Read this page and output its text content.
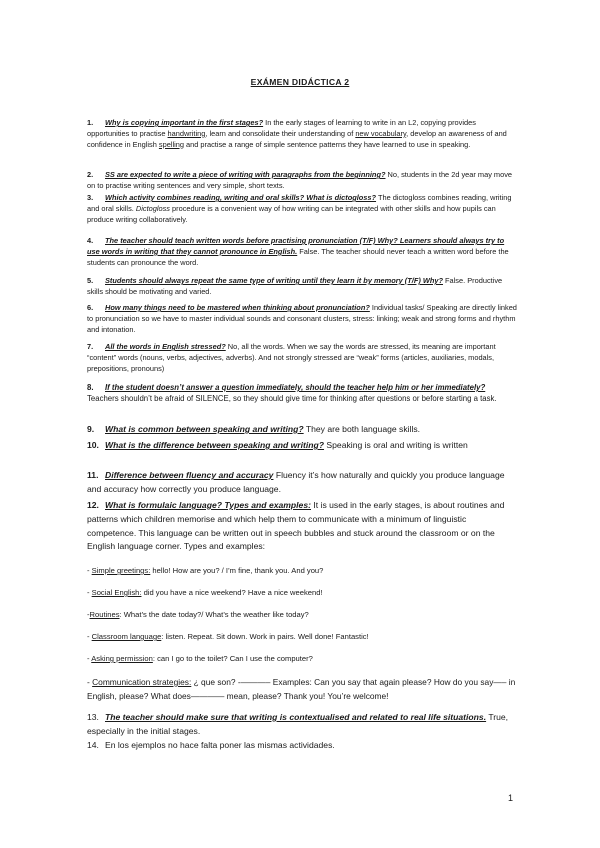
EXÁMEN DIDÁCTICA 2
1. Why is copying important in the first stages? In the early stages of learning to write in an L2, copying provides opportunities to practise handwriting, learn and consolidate their understanding of new vocabulary, develop an awareness of and confidence in English spelling and practise a range of simple sentence patterns they have learned to use in speaking.
2. SS are expected to write a piece of writing with paragraphs from the beginning? No, students in the 2d year may move on to practise writing sentences and very simple, short texts.
3. Which activity combines reading, writing and oral skills? What is dictogloss? The dictogloss combines reading, writing and oral skills. Dictogloss procedure is a convenient way of how writing can be integrated with other skills and how pupils can produce writing collaboratively.
4. The teacher should teach written words before practising pronunciation (T/F) Why? Learners should always try to use words in writing that they cannot pronounce in English. False. The teacher should never teach a written word before the students can pronounce the word.
5. Students should always repeat the same type of writing until they learn it by memory (T/F) Why? False. Productive skills should be motivating and varied.
6. How many things need to be mastered when thinking about pronunciation? Individual tasks/ Speaking are directly linked to pronunciation so we have to master individual sounds and consonant clusters, stress: linking; weak and strong forms and rhythm and intonation.
7. All the words in English stressed? No, all the words. When we say the words are stressed, its meaning are important “content” words (nouns, verbs, adjectives, adverbs). And not strongly stressed are “weak” forms (articles, auxiliaries, modals, prepositions, pronouns)
8. If the student doesn’t answer a question immediately, should the teacher help him or her immediately? Teachers shouldn’t be afraid of SILENCE, so they should give time for thinking after questions or before starting a task.
9. What is common between speaking and writing? They are both language skills.
10. What is the difference between speaking and writing? Speaking is oral and writing is written
11. Difference between fluency and accuracy Fluency it’s how naturally and quickly you produce language and accuracy how correctly you produce language.
12. What is formulaic language? Types and examples: It is used in the early stages, is about routines and patterns which children memorise and which help them to communicate with a minimum of linguistic competence. This language can be written out in speech bubbles and stuck around the classroom or on the English language corner. Types and examples:
- Simple greetings: hello! How are you? / I’m fine, thank you. And you?
- Social English: did you have a nice weekend? Have a nice weekend!
-Routines: What’s the date today?/ What’s the weather like today?
- Classroom language: listen. Repeat. Sit down. Work in pairs. Well done! Fantastic!
- Asking permission: can I go to the toilet? Can I use the computer?
- Communication strategies: ¿ que son? -———– Examples: Can you say that again please? How do you say—– in English, please? What does———— mean, please? Thank you! You’re welcome!
13. The teacher should make sure that writing is contextualised and related to real life situations. True, especially in the initial stages.
14. En los ejemplos no hace falta poner las mismas actividades.
1
